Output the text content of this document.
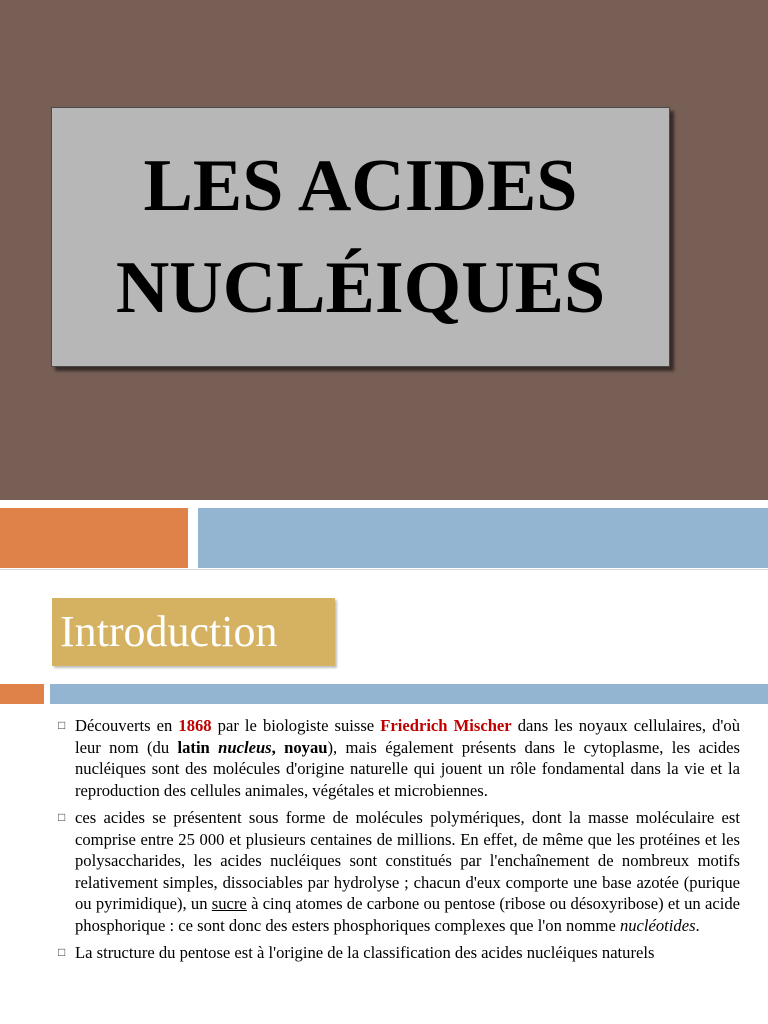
LES ACIDES
NUCLÉIQUES
Introduction
□ Découverts en 1868 par le biologiste suisse Friedrich Mischer dans les noyaux cellulaires, d'où leur nom (du latin nucleus, noyau), mais également présents dans le cytoplasme, les acides nucléiques sont des molécules d'origine naturelle qui jouent un rôle fondamental dans la vie et la reproduction des cellules animales, végétales et microbiennes.
□ ces acides se présentent sous forme de molécules polymériques, dont la masse moléculaire est comprise entre 25 000 et plusieurs centaines de millions. En effet, de même que les protéines et les polysaccharides, les acides nucléiques sont constitués par l'enchaînement de nombreux motifs relativement simples, dissociables par hydrolyse ; chacun d'eux comporte une base azotée (purique ou pyrimidique), un sucre à cinq atomes de carbone ou pentose (ribose ou désoxyribose) et un acide phosphorique : ce sont donc des esters phosphoriques complexes que l'on nomme nucléotides.
□ La structure du pentose est à l'origine de la classification des acides nucléiques naturels
